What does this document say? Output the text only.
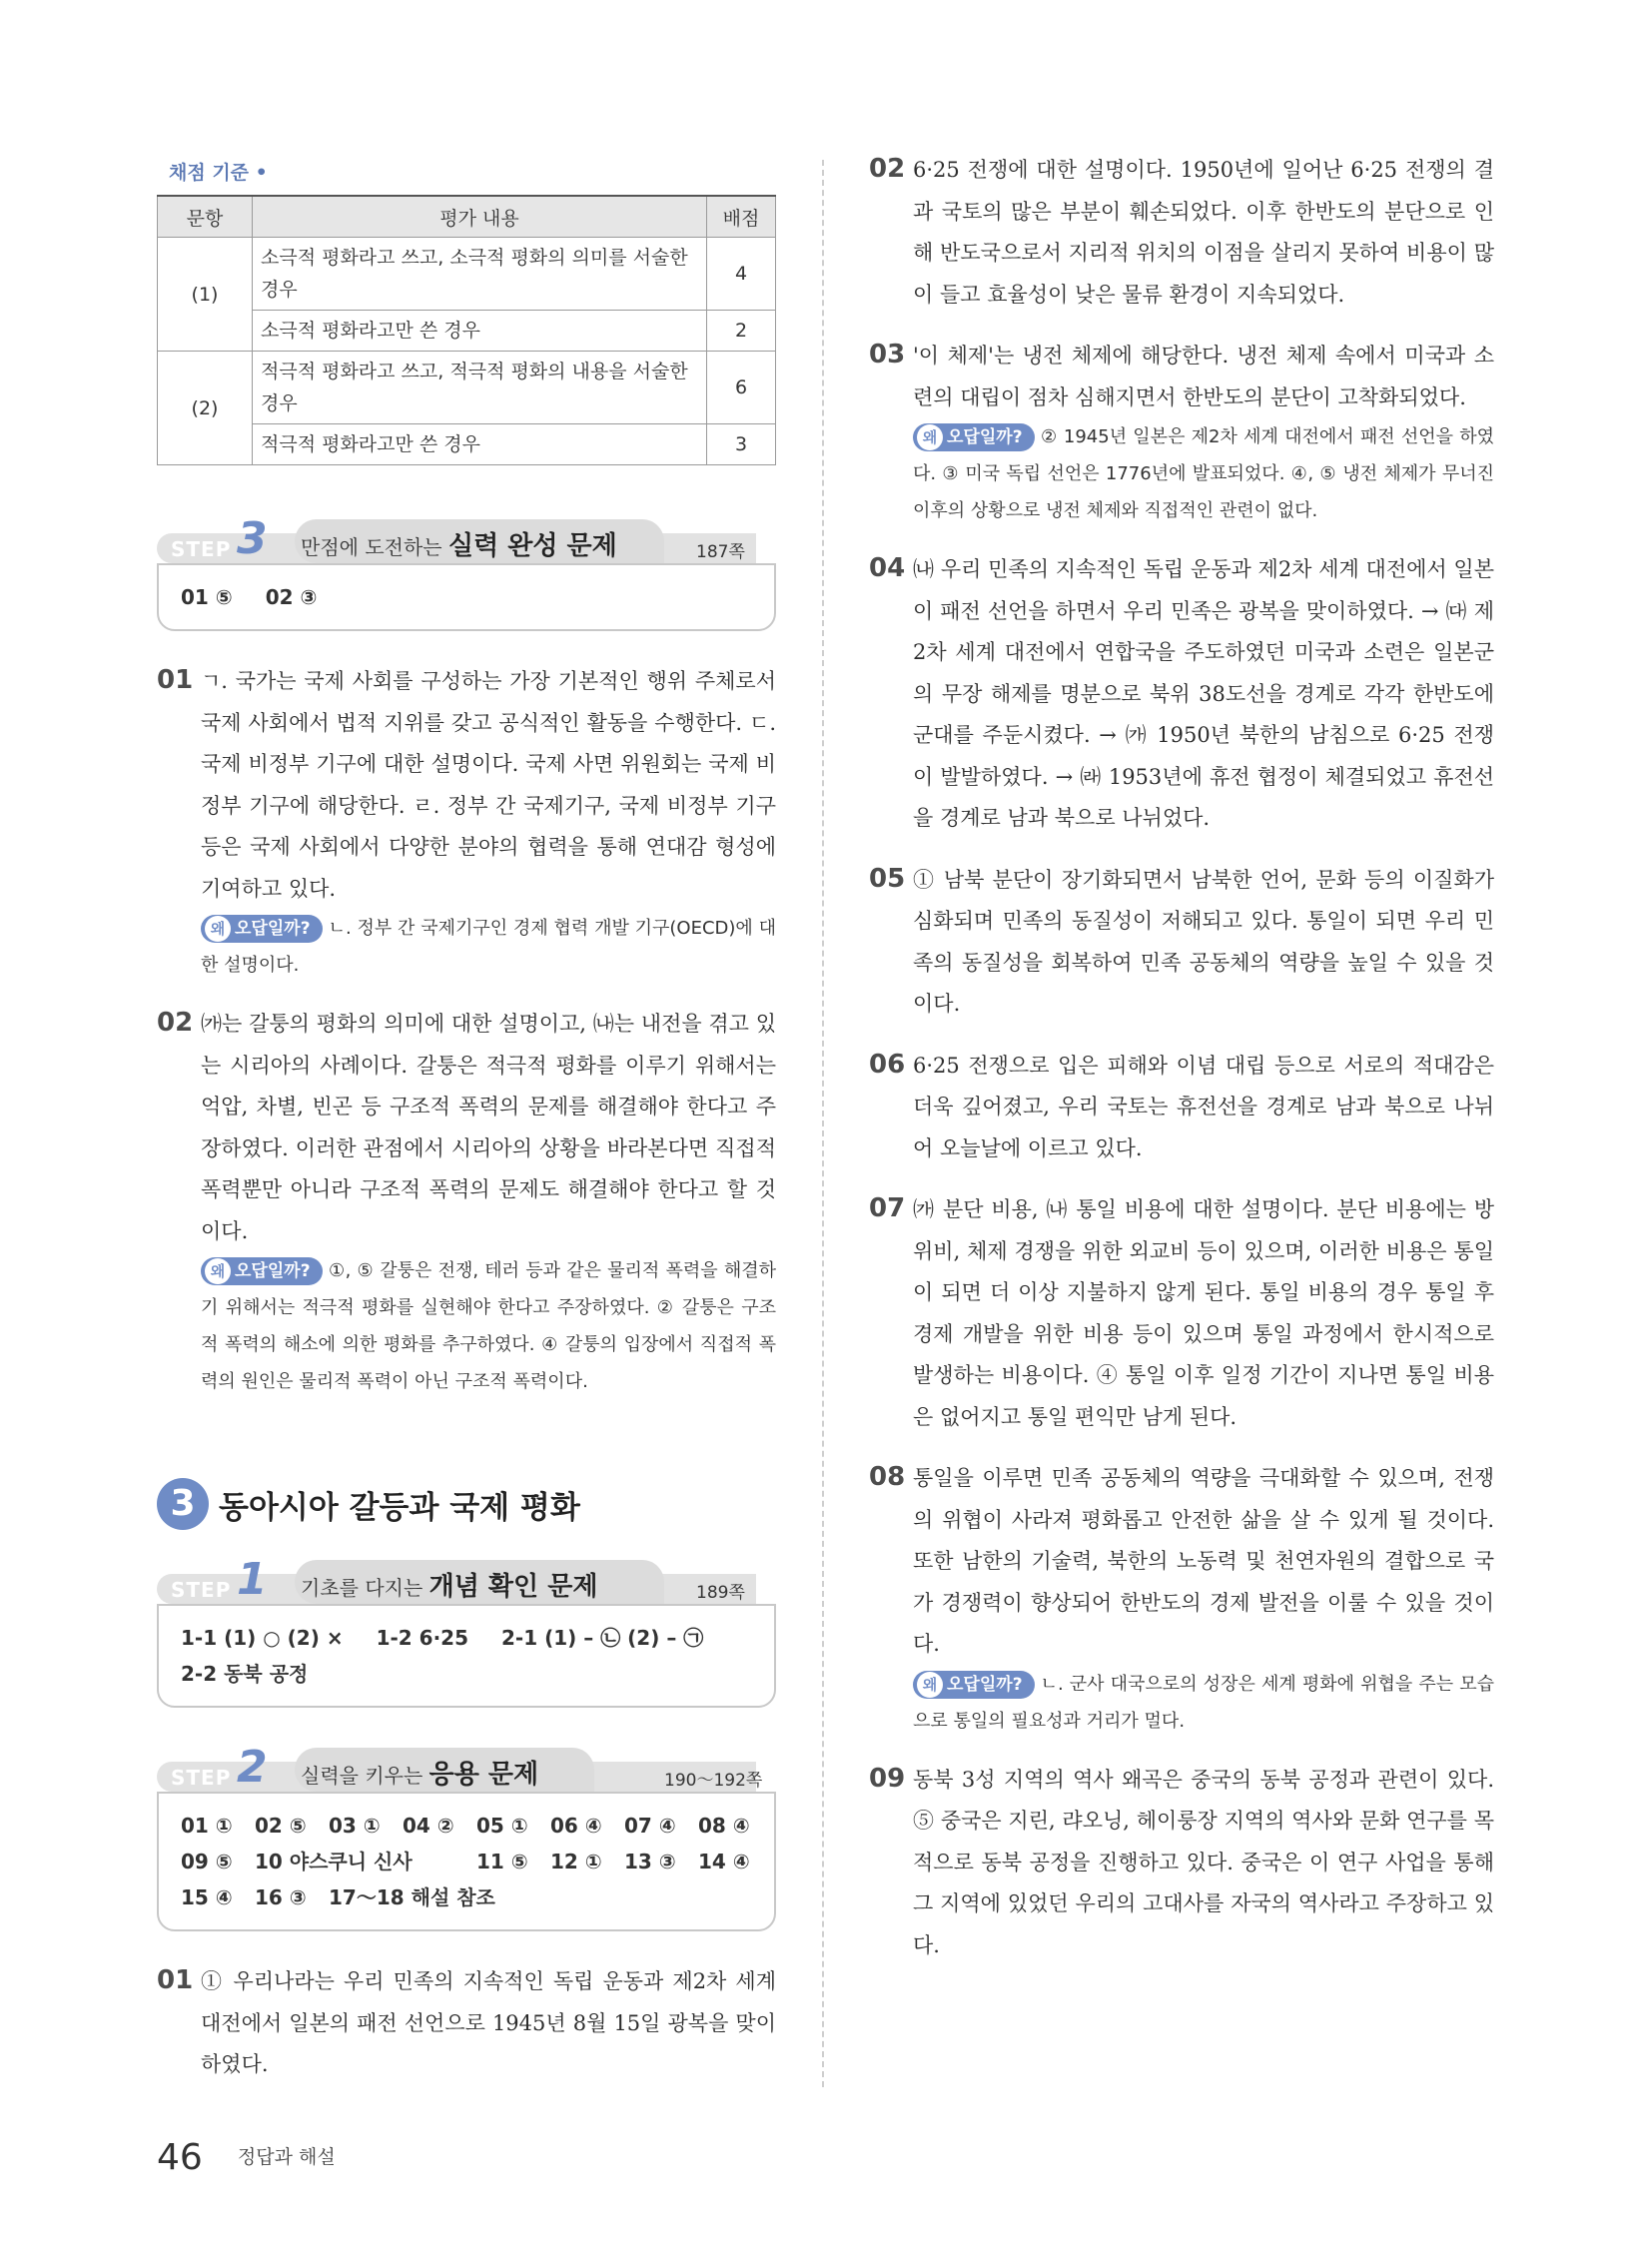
채점 기준 •
문항	평가 내용	배점
(1)	소극적 평화라고 쓰고, 소극적 평화의 의미를 서술한 경우	4
	소극적 평화라고만 쓴 경우	2
(2)	적극적 평화라고 쓰고, 적극적 평화의 내용을 서술한 경우	6
	적극적 평화라고만 쓴 경우	3
STEP 3 만점에 도전하는 실력 완성 문제	187쪽
01 ⑤ 02 ③
01 ㄱ. 국가는 국제 사회를 구성하는 가장 기본적인 행위 주체로서 국제 사회에서 법적 지위를 갖고 공식적인 활동을 수행한다. ㄷ. 국제 비정부 기구에 대한 설명이다. 국제 사면 위원회는 국제 비정부 기구에 해당한다. ㄹ. 정부 간 국제기구, 국제 비정부 기구 등은 국제 사회에서 다양한 분야의 협력을 통해 연대감 형성에 기여하고 있다.
왜 오답일까? ㄴ. 정부 간 국제기구인 경제 협력 개발 기구(OECD)에 대한 설명이다.
02 ㈎는 갈퉁의 평화의 의미에 대한 설명이고, ㈏는 내전을 겪고 있는 시리아의 사례이다. 갈퉁은 적극적 평화를 이루기 위해서는 억압, 차별, 빈곤 등 구조적 폭력의 문제를 해결해야 한다고 주장하였다. 이러한 관점에서 시리아의 상황을 바라본다면 직접적 폭력뿐만 아니라 구조적 폭력의 문제도 해결해야 한다고 할 것이다.
왜 오답일까? ①, ⑤ 갈퉁은 전쟁, 테러 등과 같은 물리적 폭력을 해결하기 위해서는 적극적 평화를 실현해야 한다고 주장하였다. ② 갈퉁은 구조적 폭력의 해소에 의한 평화를 추구하였다. ④ 갈퉁의 입장에서 직접적 폭력의 원인은 물리적 폭력이 아닌 구조적 폭력이다.
3 동아시아 갈등과 국제 평화
STEP 1 기초를 다지는 개념 확인 문제	189쪽
1-1 (1) ○ (2) × 1-2 6·25 2-1 (1) – ㉡ (2) – ㉠ 2-2 동북 공정
STEP 2 실력을 키우는 응용 문제	190～192쪽
01 ①	02 ⑤	03 ①	04 ②	05 ①	06 ④	07 ④	08 ④
09 ⑤	10 야스쿠니 신사	11 ⑤	12 ①	13 ③	14 ④
15 ④	16 ③	17～18 해설 참조
01 ① 우리나라는 우리 민족의 지속적인 독립 운동과 제2차 세계 대전에서 일본의 패전 선언으로 1945년 8월 15일 광복을 맞이하였다.
02 6·25 전쟁에 대한 설명이다. 1950년에 일어난 6·25 전쟁의 결과 국토의 많은 부분이 훼손되었다. 이후 한반도의 분단으로 인해 반도국으로서 지리적 위치의 이점을 살리지 못하여 비용이 많이 들고 효율성이 낮은 물류 환경이 지속되었다.
03 '이 체제'는 냉전 체제에 해당한다. 냉전 체제 속에서 미국과 소련의 대립이 점차 심해지면서 한반도의 분단이 고착화되었다.
왜 오답일까? ② 1945년 일본은 제2차 세계 대전에서 패전 선언을 하였다. ③ 미국 독립 선언은 1776년에 발표되었다. ④, ⑤ 냉전 체제가 무너진 이후의 상황으로 냉전 체제와 직접적인 관련이 없다.
04 ㈏ 우리 민족의 지속적인 독립 운동과 제2차 세계 대전에서 일본이 패전 선언을 하면서 우리 민족은 광복을 맞이하였다. → ㈐ 제2차 세계 대전에서 연합국을 주도하였던 미국과 소련은 일본군의 무장 해제를 명분으로 북위 38도선을 경계로 각각 한반도에 군대를 주둔시켰다. → ㈎ 1950년 북한의 남침으로 6·25 전쟁이 발발하였다. → ㈑ 1953년에 휴전 협정이 체결되었고 휴전선을 경계로 남과 북으로 나뉘었다.
05 ① 남북 분단이 장기화되면서 남북한 언어, 문화 등의 이질화가 심화되며 민족의 동질성이 저해되고 있다. 통일이 되면 우리 민족의 동질성을 회복하여 민족 공동체의 역량을 높일 수 있을 것이다.
06 6·25 전쟁으로 입은 피해와 이념 대립 등으로 서로의 적대감은 더욱 깊어졌고, 우리 국토는 휴전선을 경계로 남과 북으로 나뉘어 오늘날에 이르고 있다.
07 ㈎ 분단 비용, ㈏ 통일 비용에 대한 설명이다. 분단 비용에는 방위비, 체제 경쟁을 위한 외교비 등이 있으며, 이러한 비용은 통일이 되면 더 이상 지불하지 않게 된다. 통일 비용의 경우 통일 후 경제 개발을 위한 비용 등이 있으며 통일 과정에서 한시적으로 발생하는 비용이다. ④ 통일 이후 일정 기간이 지나면 통일 비용은 없어지고 통일 편익만 남게 된다.
08 통일을 이루면 민족 공동체의 역량을 극대화할 수 있으며, 전쟁의 위협이 사라져 평화롭고 안전한 삶을 살 수 있게 될 것이다. 또한 남한의 기술력, 북한의 노동력 및 천연자원의 결합으로 국가 경쟁력이 향상되어 한반도의 경제 발전을 이룰 수 있을 것이다.
왜 오답일까? ㄴ. 군사 대국으로의 성장은 세계 평화에 위협을 주는 모습으로 통일의 필요성과 거리가 멀다.
09 동북 3성 지역의 역사 왜곡은 중국의 동북 공정과 관련이 있다. ⑤ 중국은 지린, 랴오닝, 헤이룽장 지역의 역사와 문화 연구를 목적으로 동북 공정을 진행하고 있다. 중국은 이 연구 사업을 통해 그 지역에 있었던 우리의 고대사를 자국의 역사라고 주장하고 있다.
46 정답과 해설
